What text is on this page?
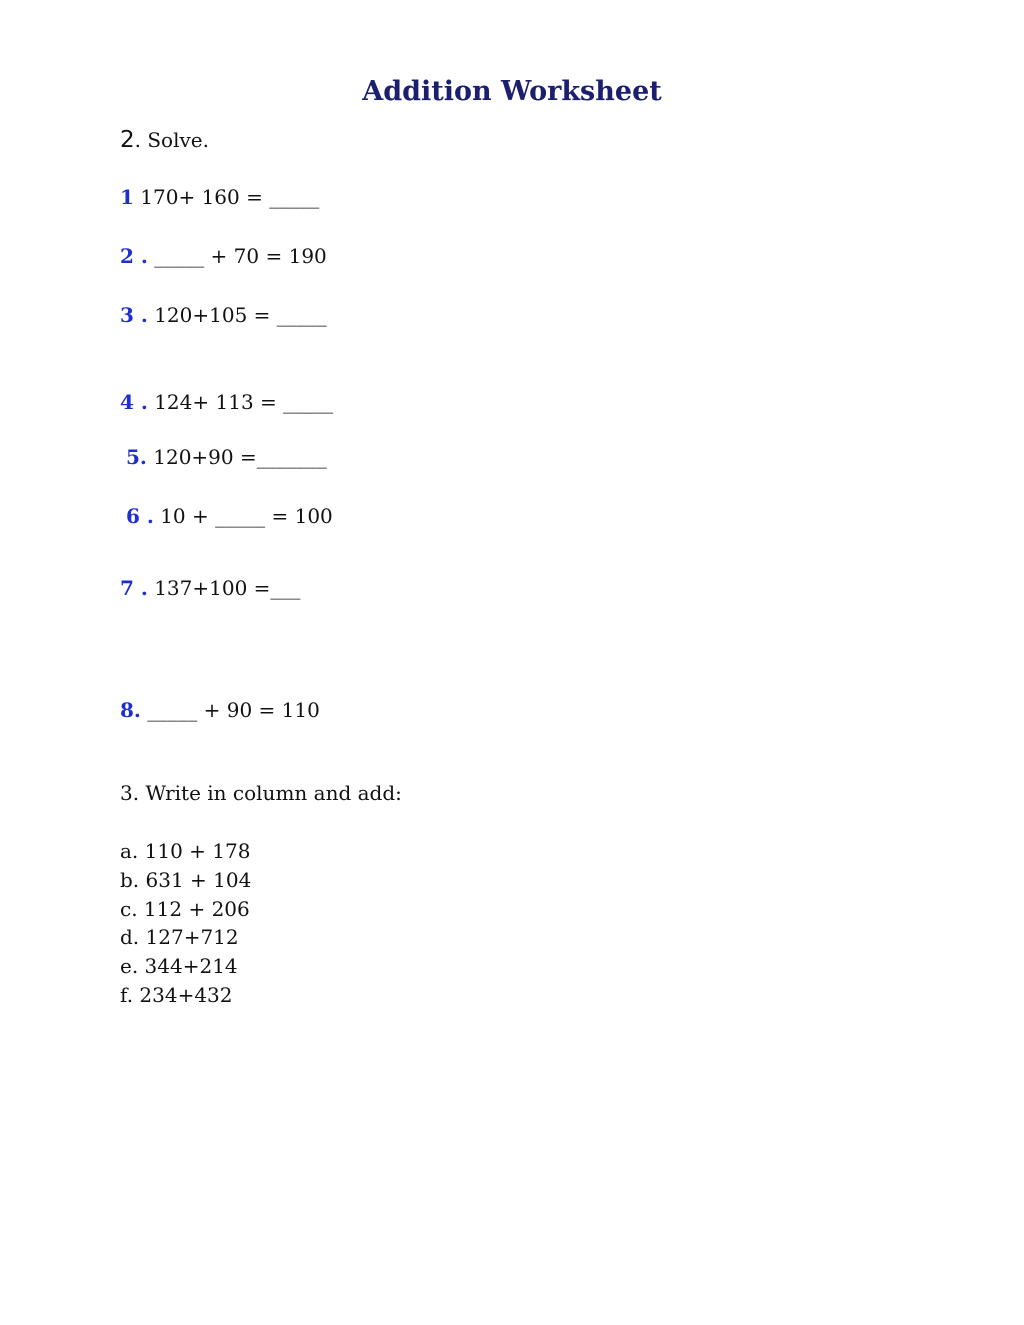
Addition Worksheet
2. Solve.
1 170+ 160 = _____
2 . _____ + 70 = 190
3 . 120+105 = _____
4 . 124+ 113 = _____
5. 120+90 =_______
6 . 10 + _____ = 100
7 . 137+100 =___
8. _____ + 90 = 110
3. Write in column and add:
a. 110 + 178
b. 631 + 104
c. 112 + 206
d. 127+712
e. 344+214
f. 234+432
